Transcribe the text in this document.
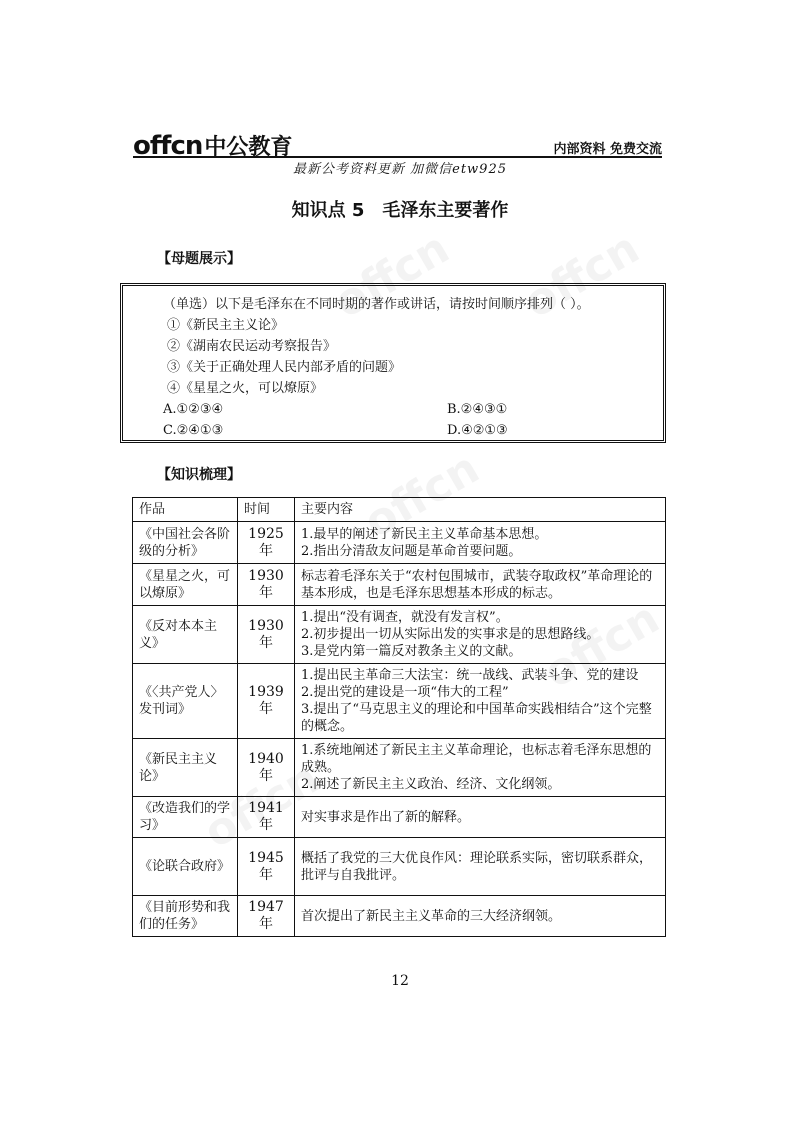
offcn 中公教育	内部资料 免费交流
最新公考资料更新 加微信etw925
知识点 5　毛泽东主要著作
【母题展示】
（单选）以下是毛泽东在不同时期的著作或讲话，请按时间顺序排列（ ）。
①《新民主主义论》
②《湖南农民运动考察报告》
③《关于正确处理人民内部矛盾的问题》
④《星星之火，可以燎原》
A.①②③④	B.②④③①
C.②④①③	D.④②①③
【知识梳理】
作品	时间	主要内容
《中国社会各阶级的分析》	1925 年	1.最早的阐述了新民主主义革命基本思想。
2.指出分清敌友问题是革命首要问题。

《星星之火，可以燎原》	1930 年	标志着毛泽东关于“农村包围城市，武装夺取政权”革命理论的基本形成，也是毛泽东思想基本形成的标志。

《反对本本主义》	1930 年	1.提出“没有调查，就没有发言权”。
2.初步提出一切从实际出发的实事求是的思想路线。
3.是党内第一篇反对教条主义的文献。

《〈共产党人〉发刊词》	1939 年	1.提出民主革命三大法宝：统一战线、武装斗争、党的建设
2.提出党的建设是一项“伟大的工程”
3.提出了“马克思主义的理论和中国革命实践相结合”这个完整的概念。

《新民主主义论》	1940 年	1.系统地阐述了新民主主义革命理论，也标志着毛泽东思想的成熟。
2.阐述了新民主主义政治、经济、文化纲领。

《改造我们的学习》	1941 年	对实事求是作出了新的解释。

《论联合政府》	1945 年	概括了我党的三大优良作风：理论联系实际，密切联系群众，批评与自我批评。

《目前形势和我们的任务》	1947 年	首次提出了新民主主义革命的三大经济纲领。
12
